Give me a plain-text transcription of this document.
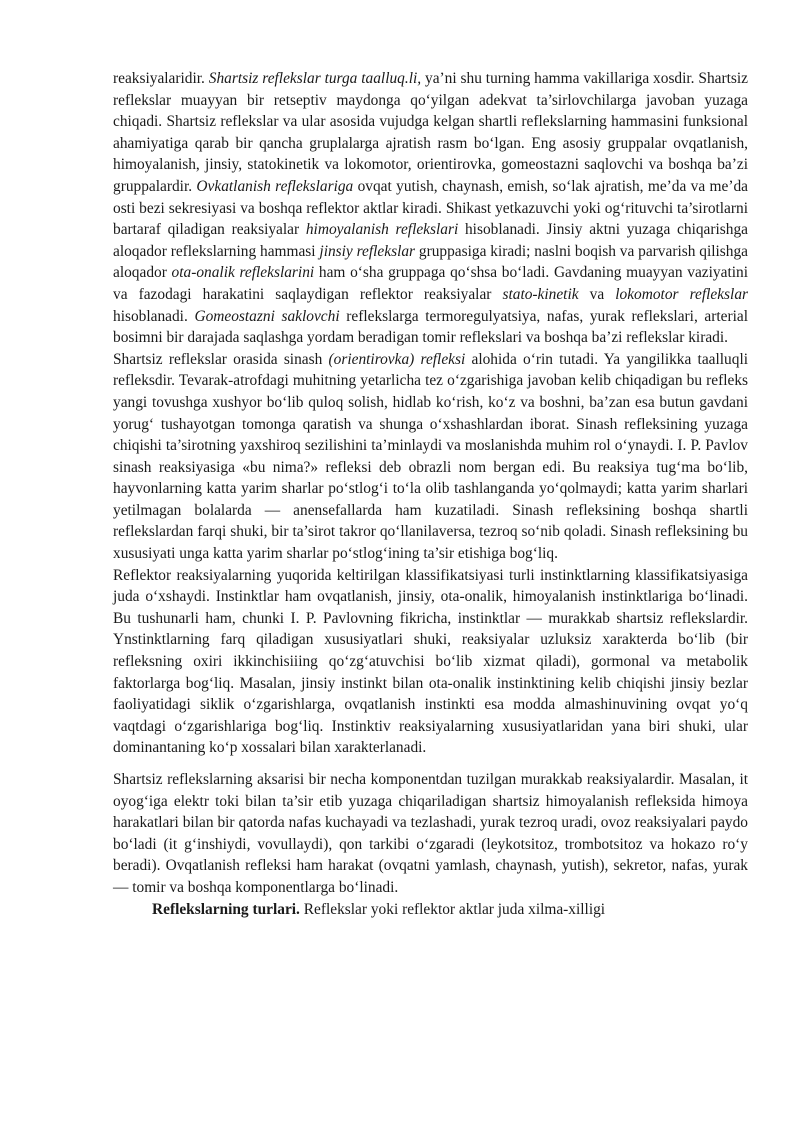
reaksiyalaridir. Shartsiz reflekslar turga taalluq.li, ya’ni shu turning hamma vakillariga xosdir. Shartsiz reflekslar muayyan bir retseptiv maydonga qo‘yilgan adekvat ta’sirlovchilarga javoban yuzaga chiqadi. Shartsiz reflekslar va ular asosida vujudga kelgan shartli reflekslarning hammasini funksional ahamiyatiga qarab bir qancha gruplalarga ajratish rasm bo‘lgan. Eng asosiy gruppalar ovqatlanish, himoyalanish, jinsiy, statokinetik va lokomotor, orientirovka, gomeostazni saqlovchi va boshqa ba’zi gruppalardir. Ovkatlanish reflekslariga ovqat yutish, chaynash, emish, so‘lak ajratish, me’da va me’da osti bezi sekresiyasi va boshqa reflektor aktlar kiradi. Shikast yetkazuvchi yoki og‘rituvchi ta’sirotlarni bartaraf qiladigan reaksiyalar himoyalanish reflekslari hisoblanadi. Jinsiy aktni yuzaga chiqarishga aloqador reflekslarning hammasi jinsiy reflekslar gruppasiga kiradi; naslni boqish va parvarish qilishga aloqador ota-onalik reflekslarini ham o‘sha gruppaga qo‘shsa bo‘ladi. Gavdaning muayyan vaziyatini va fazodagi harakatini saqlaydigan reflektor reaksiyalar stato-kinetik va lokomotor reflekslar hisoblanadi. Gomeostazni saklovchi reflekslarga termoregulyatsiya, nafas, yurak reflekslari, arterial bosimni bir darajada saqlashga yordam beradigan tomir reflekslari va boshqa ba’zi reflekslar kiradi.

Shartsiz reflekslar orasida sinash (orientirovka) refleksi alohida o‘rin tutadi. Ya yangilikka taalluqli refleksdir. Tevarak-atrofdagi muhitning yetarlicha tez o‘zgarishiga javoban kelib chiqadigan bu refleks yangi tovushga xushyor bo‘lib quloq solish, hidlab ko‘rish, ko‘z va boshni, ba’zan esa butun gavdani yorug‘ tushayotgan tomonga qaratish va shunga o‘xshashlardan iborat. Sinash refleksining yuzaga chiqishi ta’sirotning yaxshiroq sezilishini ta’minlaydi va moslanishda muhim rol o‘ynaydi. I. P. Pavlov sinash reaksiyasiga «bu nima?» refleksi deb obrazli nom bergan edi. Bu reaksiya tug‘ma bo‘lib, hayvonlarning katta yarim sharlar po‘stlog‘i to‘la olib tashlanganda yo‘qolmaydi; katta yarim sharlari yetilmagan bolalarda — anensefallarda ham kuzatiladi. Sinash refleksining boshqa shartli reflekslardan farqi shuki, bir ta’sirot takror qo‘llanilaversa, tezroq so‘nib qoladi. Sinash refleksining bu xususiyati unga katta yarim sharlar po‘stlog‘ining ta’sir etishiga bog‘liq.

Reflektor reaksiyalarning yuqorida keltirilgan klassifikatsiyasi turli instinktlarning klassifikatsiyasiga juda o‘xshaydi. Instinktlar ham ovqatlanish, jinsiy, ota-onalik, himoyalanish instinktlariga bo‘linadi. Bu tushunarli ham, chunki I. P. Pavlovning fikricha, instinktlar — murakkab shartsiz reflekslardir. Ynstinktlarning farq qiladigan xususiyatlari shuki, reaksiyalar uzluksiz xarakterda bo‘lib (bir refleksning oxiri ikkinchisiiing qo‘zg‘atuvchisi bo‘lib xizmat qiladi), gormonal va metabolik faktorlarga bog‘liq. Masalan, jinsiy instinkt bilan ota-onalik instinktining kelib chiqishi jinsiy bezlar faoliyatidagi siklik o‘zgarishlarga, ovqatlanish instinkti esa modda almashinuvining ovqat yo‘q vaqtdagi o‘zgarishlariga bog‘liq. Instinktiv reaksiyalarning xususiyatlaridan yana biri shuki, ular dominantaning ko‘p xossalari bilan xarakterlanadi.

Shartsiz reflekslarning aksarisi bir necha komponentdan tuzilgan murakkab reaksiyalardir. Masalan, it oyog‘iga elektr toki bilan ta’sir etib yuzaga chiqariladigan shartsiz himoyalanish refleksida himoya harakatlari bilan bir qatorda nafas kuchayadi va tezlashadi, yurak tezroq uradi, ovoz reaksiyalari paydo bo‘ladi (it g‘inshiydi, vovullaydi), qon tarkibi o‘zgaradi (leykotsitoz, trombotsitoz va hokazo ro‘y beradi). Ovqatlanish refleksi ham harakat (ovqatni yamlash, chaynash, yutish), sekretor, nafas, yurak — tomir va boshqa komponentlarga bo‘linadi.

Reflekslarning turlari. Reflekslar yoki reflektor aktlar juda xilma-xilligi
